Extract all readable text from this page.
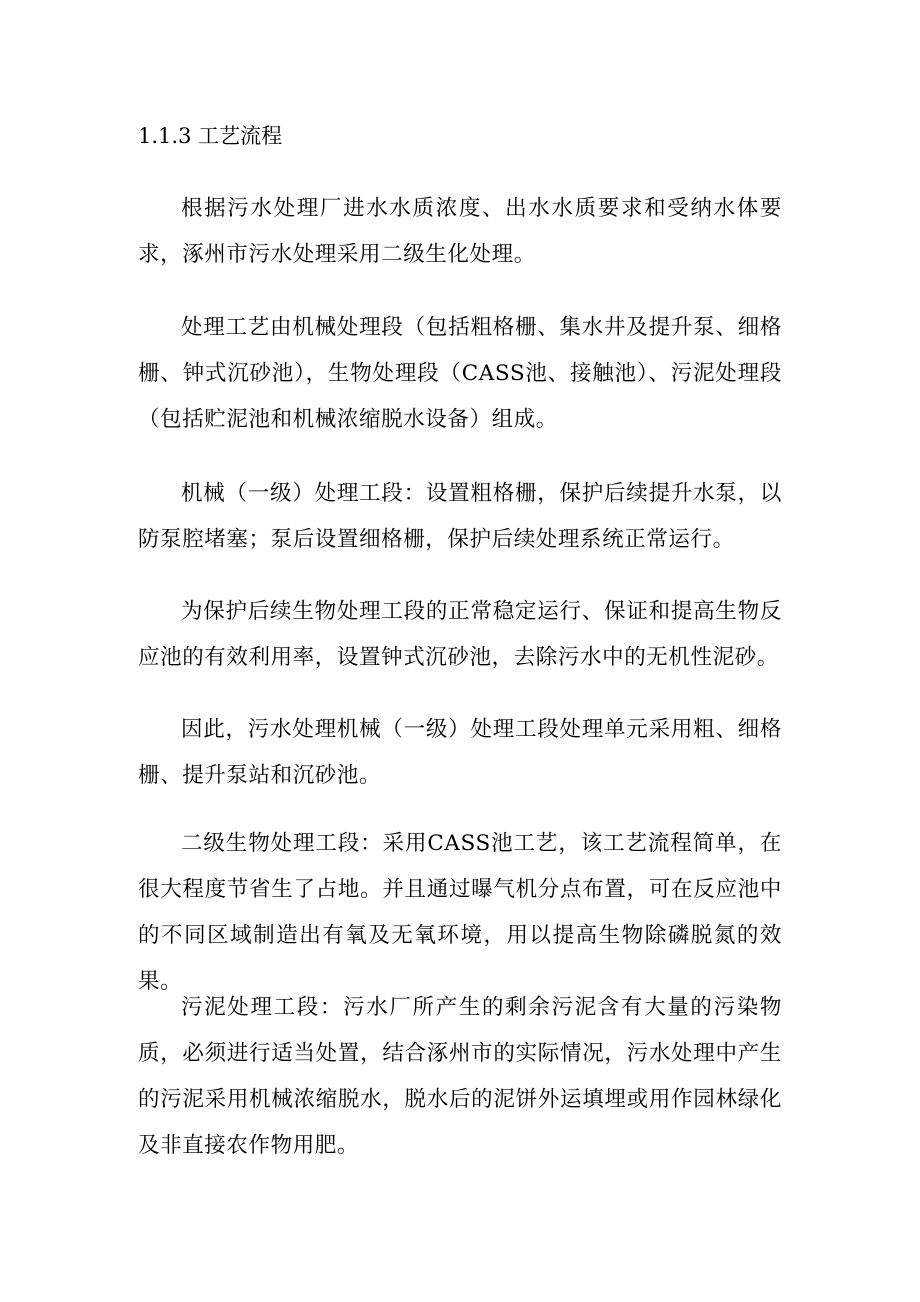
1.1.3 工艺流程

根据污水处理厂进水水质浓度、出水水质要求和受纳水体要求，涿州市污水处理采用二级生化处理。

处理工艺由机械处理段（包括粗格栅、集水井及提升泵、细格栅、钟式沉砂池），生物处理段（CASS池、接触池）、污泥处理段（包括贮泥池和机械浓缩脱水设备）组成。

机械（一级）处理工段：设置粗格栅，保护后续提升水泵，以防泵腔堵塞；泵后设置细格栅，保护后续处理系统正常运行。

为保护后续生物处理工段的正常稳定运行、保证和提高生物反应池的有效利用率，设置钟式沉砂池，去除污水中的无机性泥砂。

因此，污水处理机械（一级）处理工段处理单元采用粗、细格栅、提升泵站和沉砂池。

二级生物处理工段：采用CASS池工艺，该工艺流程简单，在很大程度节省生了占地。并且通过曝气机分点布置，可在反应池中的不同区域制造出有氧及无氧环境，用以提高生物除磷脱氮的效果。

污泥处理工段：污水厂所产生的剩余污泥含有大量的污染物质，必须进行适当处置，结合涿州市的实际情况，污水处理中产生的污泥采用机械浓缩脱水，脱水后的泥饼外运填埋或用作园林绿化及非直接农作物用肥。
